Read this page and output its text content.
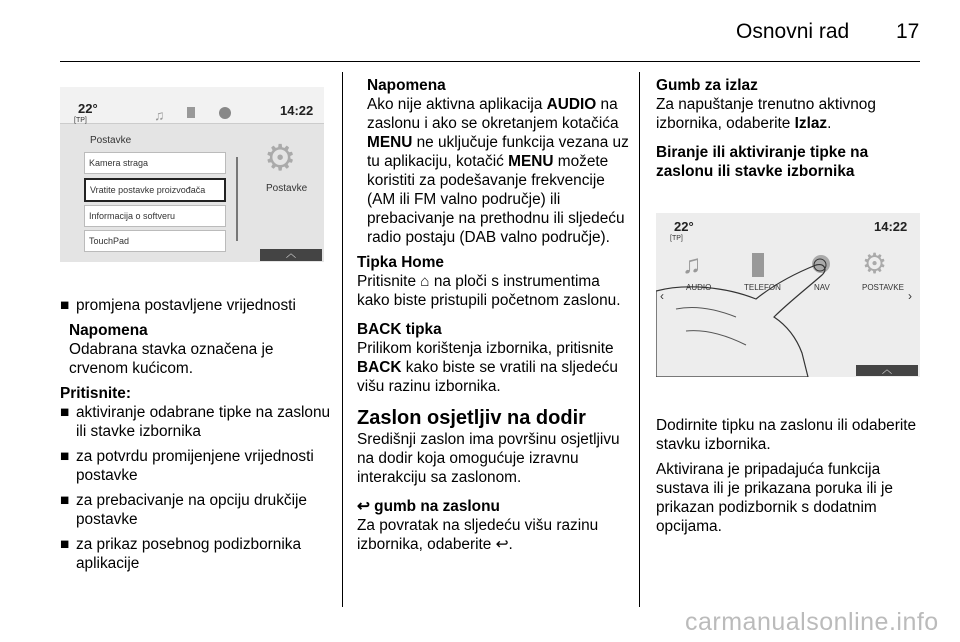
Osnovni rad 17
22°
[TP]	♫	14:22
Postavke
Kamera straga
Vratite postavke proizvođača
Informacija o softveru
TouchPad
⚙
Postavke
︿
■ promjena postavljene vrijednosti

Napomena

Odabrana stavka označena je crvenom kućicom.

Pritisnite:

■ aktiviranje odabrane tipke na zaslonu ili stavke izbornika
■ za potvrdu promijenjene vrijednosti postavke
■ za prebacivanje na opciju drukčije postavke
■ za prikaz posebnog podizbornika aplikacije

Napomena

Ako nije aktivna aplikacija AUDIO na zaslonu i ako se okretanjem kotačića MENU ne uključuje funkcija vezana uz tu aplikaciju, kotačić MENU možete koristiti za podešavanje frekvencije (AM ili FM valno područje) ili prebacivanje na prethodnu ili sljedeću radio postaju (DAB valno područje).

Tipka Home

Pritisnite ⌂ na ploči s instrumentima kako biste pristupili početnom zaslonu.

BACK tipka

Prilikom korištenja izbornika, pritisnite BACK kako biste se vratili na sljedeću višu razinu izbornika.

Zaslon osjetljiv na dodir

Središnji zaslon ima površinu osjetljivu na dodir koja omogućuje izravnu interakciju sa zaslonom.

↩ gumb na zaslonu

Za povratak na sljedeću višu razinu izbornika, odaberite ↩.

Gumb za izlaz

Za napuštanje trenutno aktivnog izbornika, odaberite Izlaz.

Biranje ili aktiviranje tipke na zaslonu ili stavke izbornika

22°
[TP]
14:22
‹	›
♫	⚙
AUDIO	TELEFON	NAV	POSTAVKE
︿

Dodirnite tipku na zaslonu ili odaberite stavku izbornika.

Aktivirana je pripadajuća funkcija sustava ili je prikazana poruka ili je prikazan podizbornik s dodatnim opcijama.

carmanualsonline.info
